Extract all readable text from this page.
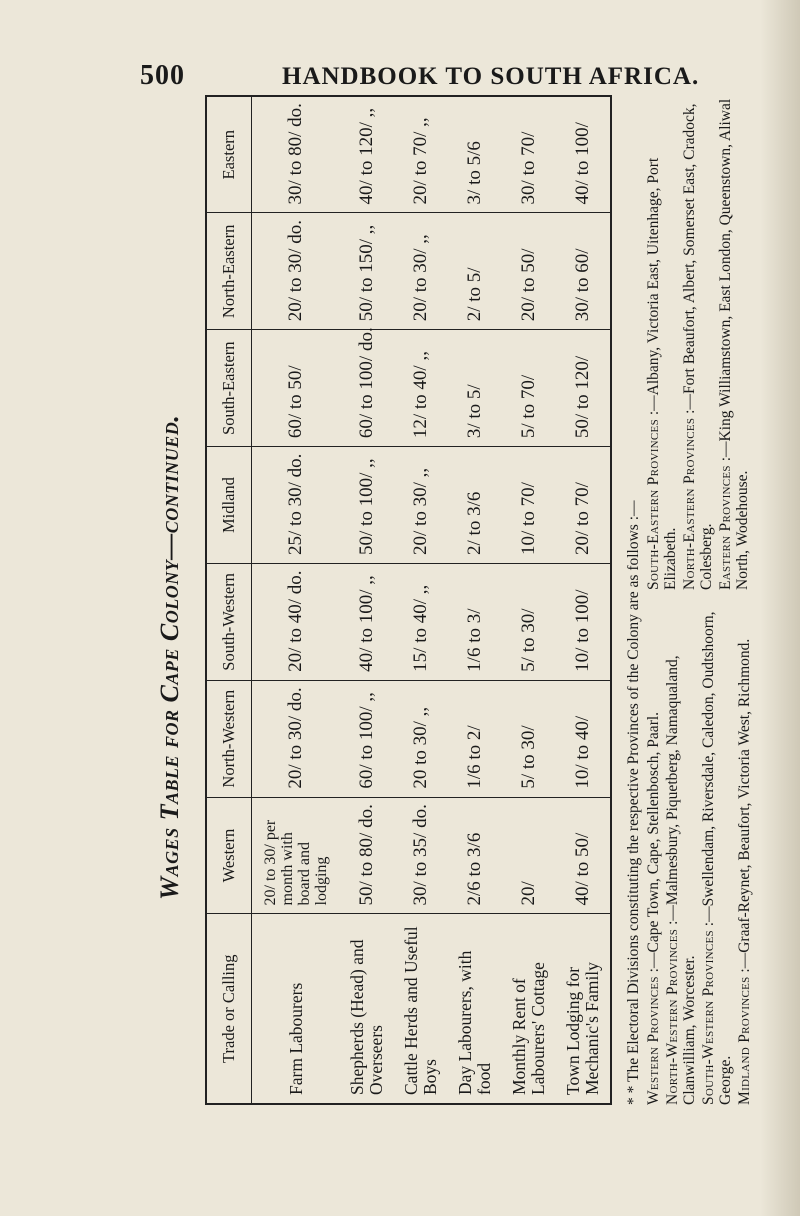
500	HANDBOOK TO SOUTH AFRICA.
Wages Table for Cape Colony—continued.
Trade or Calling	Western	North-Western	South-Western	Midland	South-Eastern	North-Eastern	Eastern
Farm Labourers	20/ to 30/ per month with board and lodging	20/ to 30/ do.	20/ to 40/ do.	25/ to 30/ do.	60/ to 50/	20/ to 30/ do.	30/ to 80/ do.
Shepherds (Head) and Overseers	50/ to 80/ do.	60/ to 100/ ,,	40/ to 100/ ,,	50/ to 100/ ,,	60/ to 100/ do.	50/ to 150/ ,,	40/ to 120/ ,,
Cattle Herds and Useful Boys	30/ to 35/ do.	20 to 30/ ,,	15/ to 40/ ,,	20/ to 30/ ,,	12/ to 40/ ,,	20/ to 30/ ,,	20/ to 70/ ,,
Day Labourers, with food	2/6 to 3/6	1/6 to 2/	1/6 to 3/	2/ to 3/6	3/ to 5/	2/ to 5/	3/ to 5/6
Monthly Rent of Labourers' Cottage	20/	5/ to 30/	5/ to 30/	10/ to 70/	5/ to 70/	20/ to 50/	30/ to 70/
Town Lodging for Mechanic's Family	40/ to 50/	10/ to 40/	10/ to 100/	20/ to 70/	50/ to 120/	30/ to 60/	40/ to 100/

* * The Electoral Divisions constituting the respective Provinces of the Colony are as follows :— Western Provinces :—Cape Town, Cape, Stellenbosch, Paarl.

North-Western Provinces :—Malmesbury, Piquetberg, Namaqualand, Clanwilliam, Worcester. South-Western Provinces :—Swellendam, Riversdale, Caledon, Oudtshoorn, George. Midland Provinces :—Graaf-Reynet, Beaufort, Victoria West, Richmond.

South-Eastern Provinces :—Albany, Victoria East, Uitenhage, Port Elizabeth. North-Eastern Provinces :—Fort Beaufort, Albert, Somerset East, Cradock, Colesberg. Eastern Provinces :—King Williamstown, East London, Queenstown, Aliwal North, Wodehouse.
